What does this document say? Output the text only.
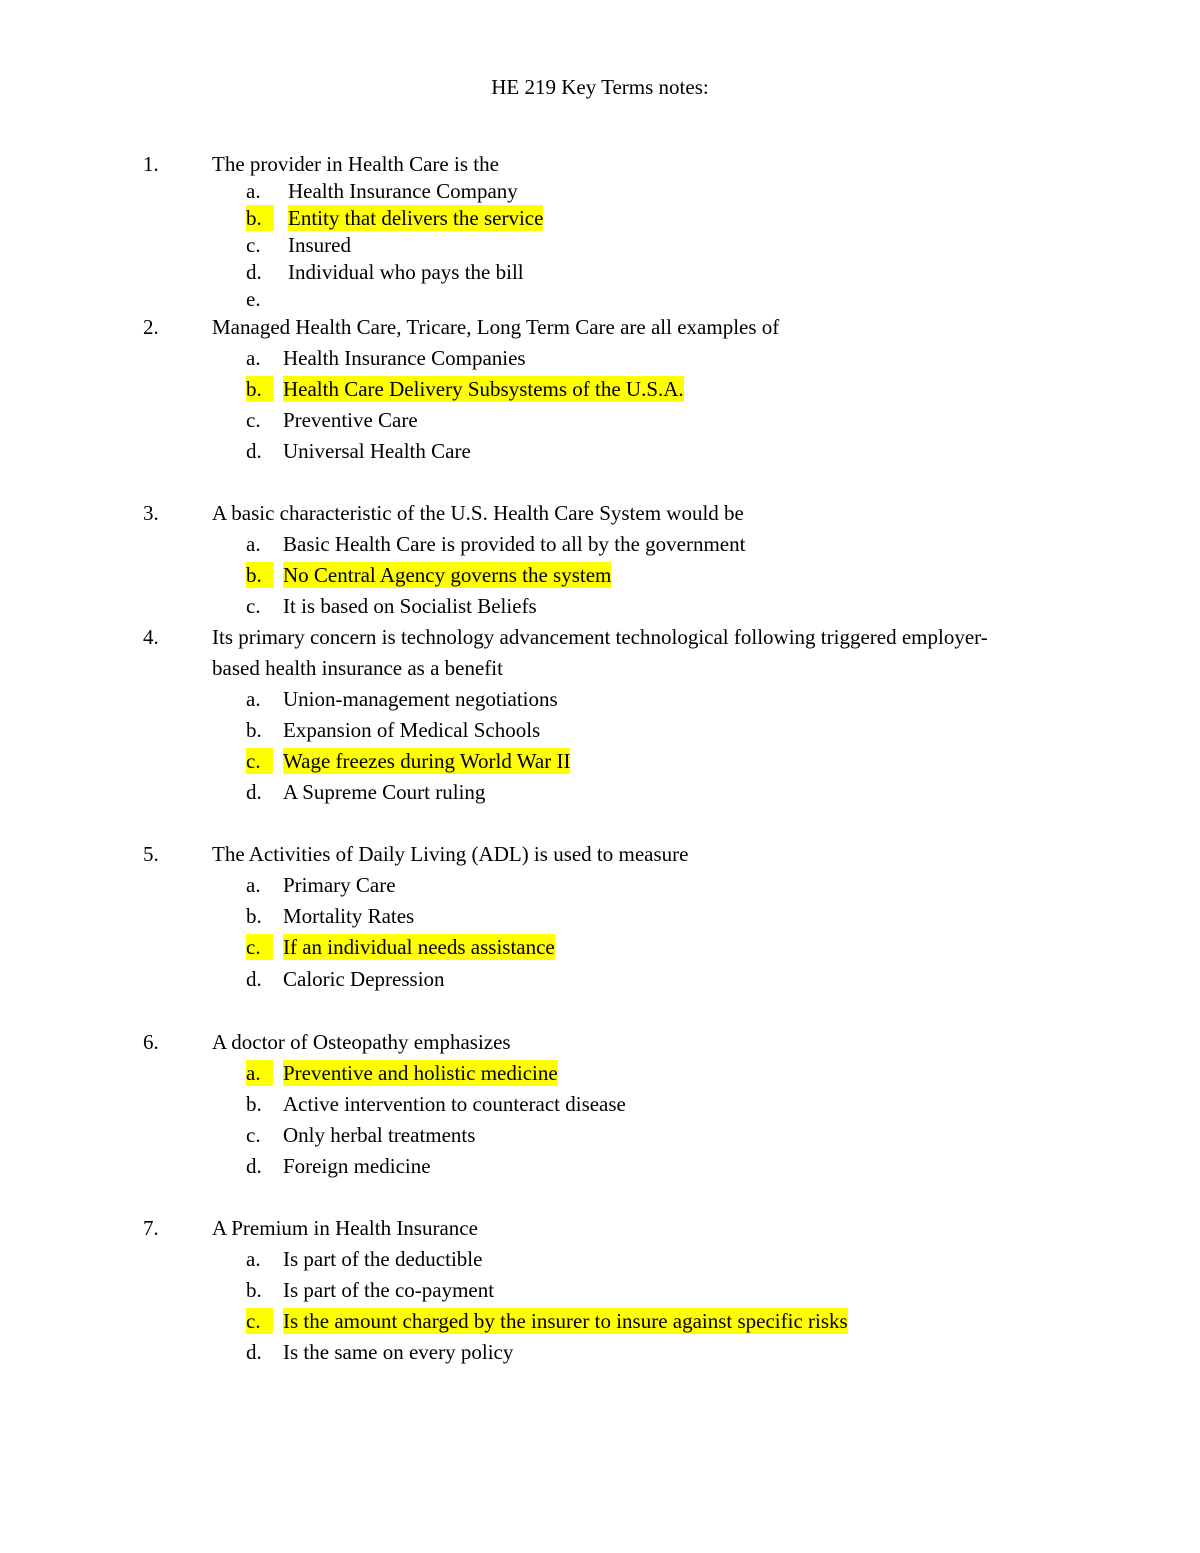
HE 219 Key Terms notes:
1.	The provider in Health Care is the
a. Health Insurance Company
b.	Entity that delivers the service
c. Insured
d. Individual who pays the bill
e.
2.	Managed Health Care, Tricare, Long Term Care are all examples of
a. Health Insurance Companies
b.	Health Care Delivery Subsystems of the U.S.A.
c. Preventive Care
d. Universal Health Care
3.	A basic characteristic of the U.S. Health Care System would be
a. Basic Health Care is provided to all by the government
b.	No Central Agency governs the system
c. It is based on Socialist Beliefs
4.	Its primary concern is technology advancement technological following triggered employer-based health insurance as a benefit
a. Union-management negotiations
b. Expansion of Medical Schools
c.	Wage freezes during World War II
d. A Supreme Court ruling
5.	The Activities of Daily Living (ADL) is used to measure
a. Primary Care
b. Mortality Rates
c.	If an individual needs assistance
d. Caloric Depression
6.	A doctor of Osteopathy emphasizes
a.	Preventive and holistic medicine
b. Active intervention to counteract disease
c. Only herbal treatments
d. Foreign medicine
7.	A Premium in Health Insurance
a. Is part of the deductible
b. Is part of the co-payment
c.	Is the amount charged by the insurer to insure against specific risks
d. Is the same on every policy
